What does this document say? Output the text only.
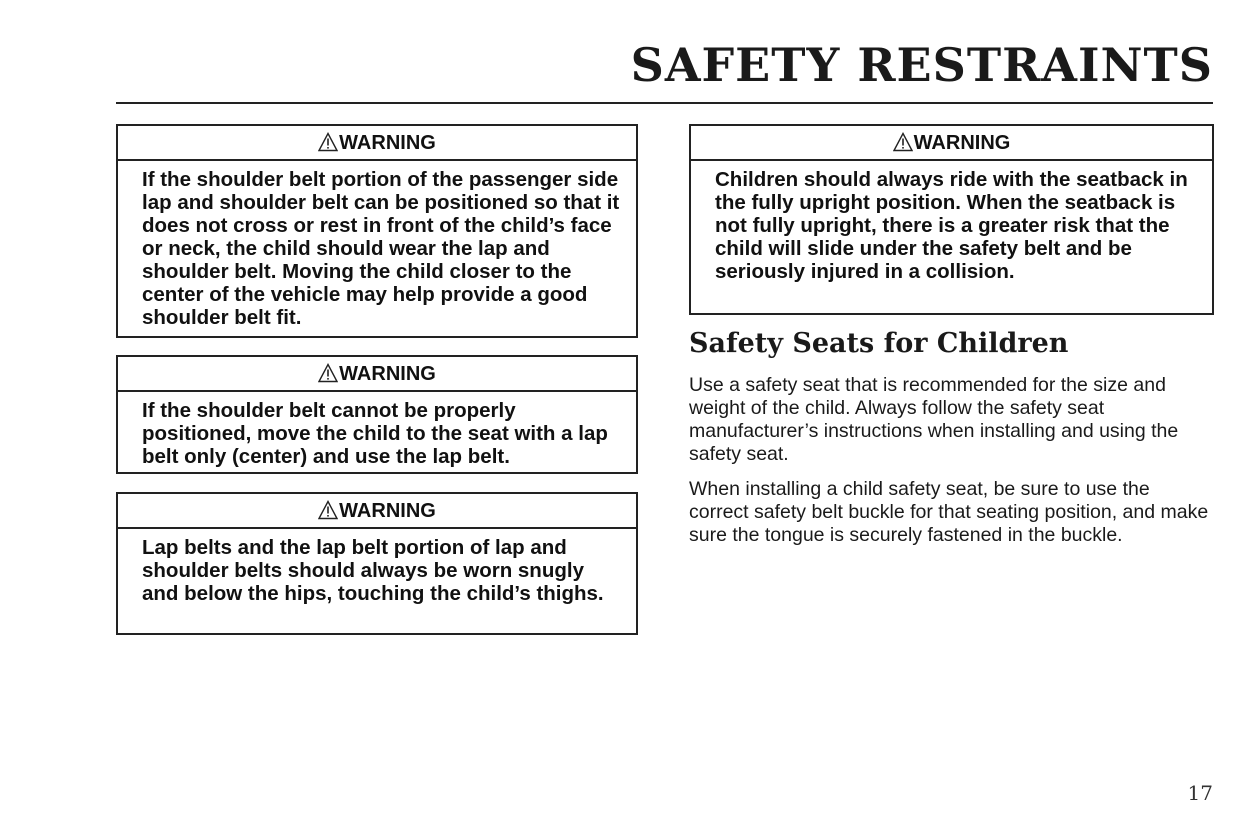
SAFETY RESTRAINTS
WARNING

If the shoulder belt portion of the passenger side lap and shoulder belt can be positioned so that it does not cross or rest in front of the child’s face or neck, the child should wear the lap and shoulder belt. Moving the child closer to the center of the vehicle may help provide a good shoulder belt fit.

WARNING

If the shoulder belt cannot be properly positioned, move the child to the seat with a lap belt only (center) and use the lap belt.

WARNING

Lap belts and the lap belt portion of lap and shoulder belts should always be worn snugly and below the hips, touching the child’s thighs.

WARNING

Children should always ride with the seatback in the fully upright position. When the seatback is not fully upright, there is a greater risk that the child will slide under the safety belt and be seriously injured in a collision.

Safety Seats for Children

Use a safety seat that is recommended for the size and weight of the child. Always follow the safety seat manufacturer’s instructions when installing and using the safety seat.

When installing a child safety seat, be sure to use the correct safety belt buckle for that seating position, and make sure the tongue is securely fastened in the buckle.

17
